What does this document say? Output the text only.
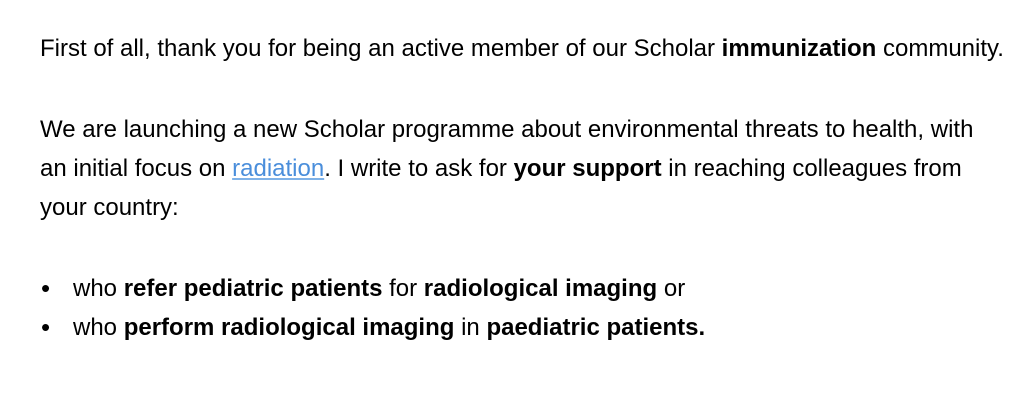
First of all, thank you for being an active member of our Scholar immunization community.

We are launching a new Scholar programme about environmental threats to health, with an initial focus on radiation. I write to ask for your support in reaching colleagues from your country:

• who refer pediatric patients for radiological imaging or
• who perform radiological imaging in paediatric patients.
